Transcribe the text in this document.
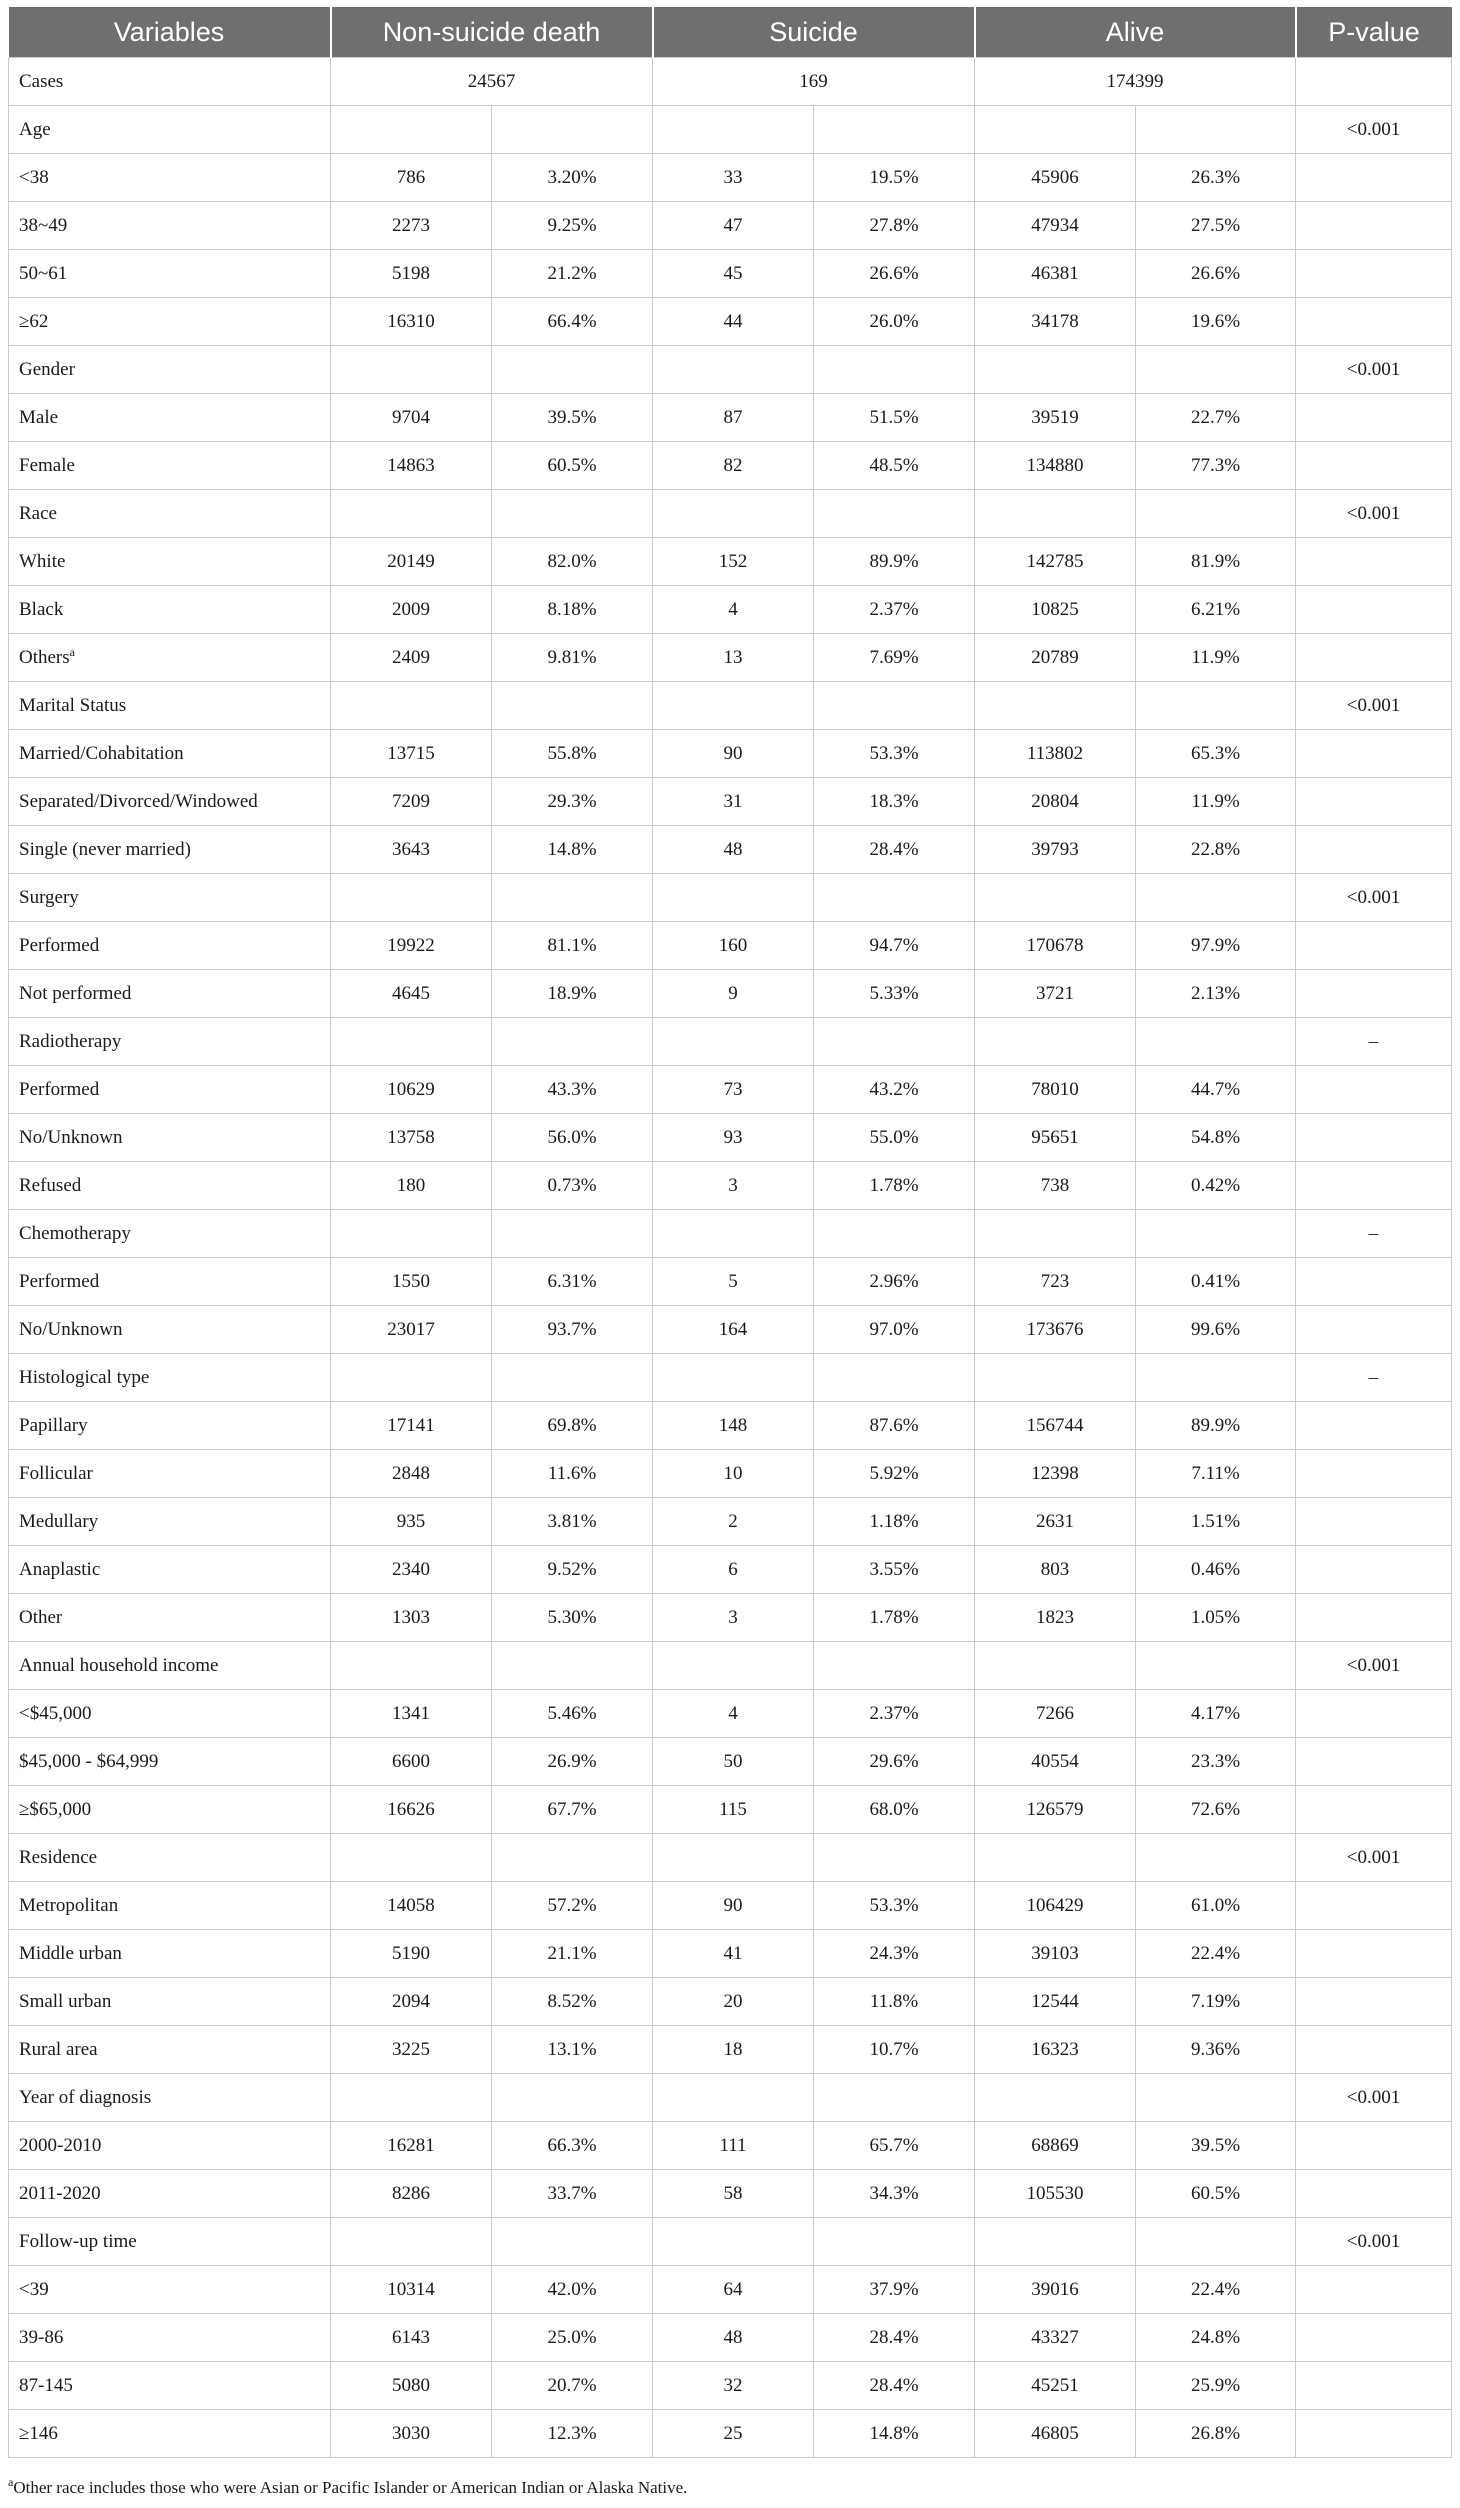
Variables	Non-suicide death		Suicide		Alive		P-value
Cases	24567		169		174399		
Age							<0.001
<38	786	3.20%	33	19.5%	45906	26.3%	
38~49	2273	9.25%	47	27.8%	47934	27.5%	
50~61	5198	21.2%	45	26.6%	46381	26.6%	
≥62	16310	66.4%	44	26.0%	34178	19.6%	
Gender							<0.001
Male	9704	39.5%	87	51.5%	39519	22.7%	
Female	14863	60.5%	82	48.5%	134880	77.3%	
Race							<0.001
White	20149	82.0%	152	89.9%	142785	81.9%	
Black	2009	8.18%	4	2.37%	10825	6.21%	
Others$^a$	2409	9.81%	13	7.69%	20789	11.9%	
Marital Status							<0.001
Married/Cohabitation	13715	55.8%	90	53.3%	113802	65.3%	
Separated/Divorced/Windowed	7209	29.3%	31	18.3%	20804	11.9%	
Single (never married)	3643	14.8%	48	28.4%	39793	22.8%	
Surgery							<0.001
Performed	19922	81.1%	160	94.7%	170678	97.9%	
Not performed	4645	18.9%	9	5.33%	3721	2.13%	
Radiotherapy							–
Performed	10629	43.3%	73	43.2%	78010	44.7%	
No/Unknown	13758	56.0%	93	55.0%	95651	54.8%	
Refused	180	0.73%	3	1.78%	738	0.42%	
Chemotherapy							–
Performed	1550	6.31%	5	2.96%	723	0.41%	
No/Unknown	23017	93.7%	164	97.0%	173676	99.6%	
Histological type							–
Papillary	17141	69.8%	148	87.6%	156744	89.9%	
Follicular	2848	11.6%	10	5.92%	12398	7.11%	
Medullary	935	3.81%	2	1.18%	2631	1.51%	
Anaplastic	2340	9.52%	6	3.55%	803	0.46%	
Other	1303	5.30%	3	1.78%	1823	1.05%	
Annual household income							<0.001
<$45,000	1341	5.46%	4	2.37%	7266	4.17%	
$45,000 - $64,999	6600	26.9%	50	29.6%	40554	23.3%	
≥$65,000	16626	67.7%	115	68.0%	126579	72.6%	
Residence							<0.001
Metropolitan	14058	57.2%	90	53.3%	106429	61.0%	
Middle urban	5190	21.1%	41	24.3%	39103	22.4%	
Small urban	2094	8.52%	20	11.8%	12544	7.19%	
Rural area	3225	13.1%	18	10.7%	16323	9.36%	
Year of diagnosis							<0.001
2000-2010	16281	66.3%	111	65.7%	68869	39.5%	
2011-2020	8286	33.7%	58	34.3%	105530	60.5%	
Follow-up time							<0.001
<39	10314	42.0%	64	37.9%	39016	22.4%	
39-86	6143	25.0%	48	28.4%	43327	24.8%	
87-145	5080	20.7%	32	28.4%	45251	25.9%	
≥146	3030	12.3%	25	14.8%	46805	26.8%	
$^a$Other race includes those who were Asian or Pacific Islander or American Indian or Alaska Native.
